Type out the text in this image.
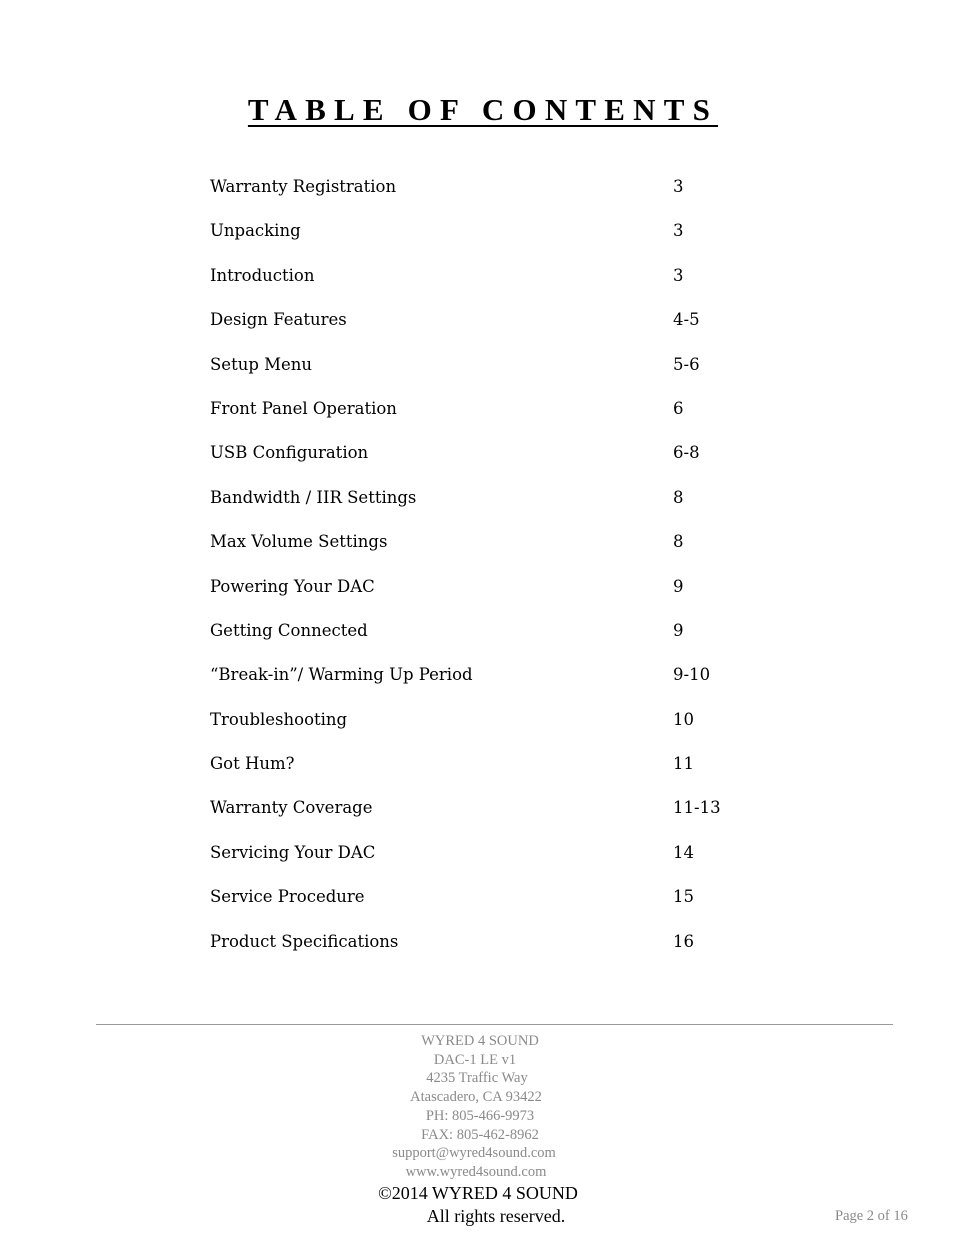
TABLE OF CONTENTS
Warranty Registration	3
Unpacking	3
Introduction	3
Design Features	4-5
Setup Menu	5-6
Front Panel Operation	6
USB Configuration	6-8
Bandwidth / IIR Settings	8
Max Volume Settings	8
Powering Your DAC	9
Getting Connected	9
“Break-in”/ Warming Up Period	9-10
Troubleshooting	10
Got Hum?	11
Warranty Coverage	11-13
Servicing Your DAC	14
Service Procedure	15
Product Specifications	16
WYRED 4 SOUND
DAC-1 LE v1
4235 Traffic Way
Atascadero, CA 93422
PH: 805-466-9973
FAX: 805-462-8962
support@wyred4sound.com
www.wyred4sound.com
©2014 WYRED 4 SOUND
All rights reserved.	Page 2 of 16
